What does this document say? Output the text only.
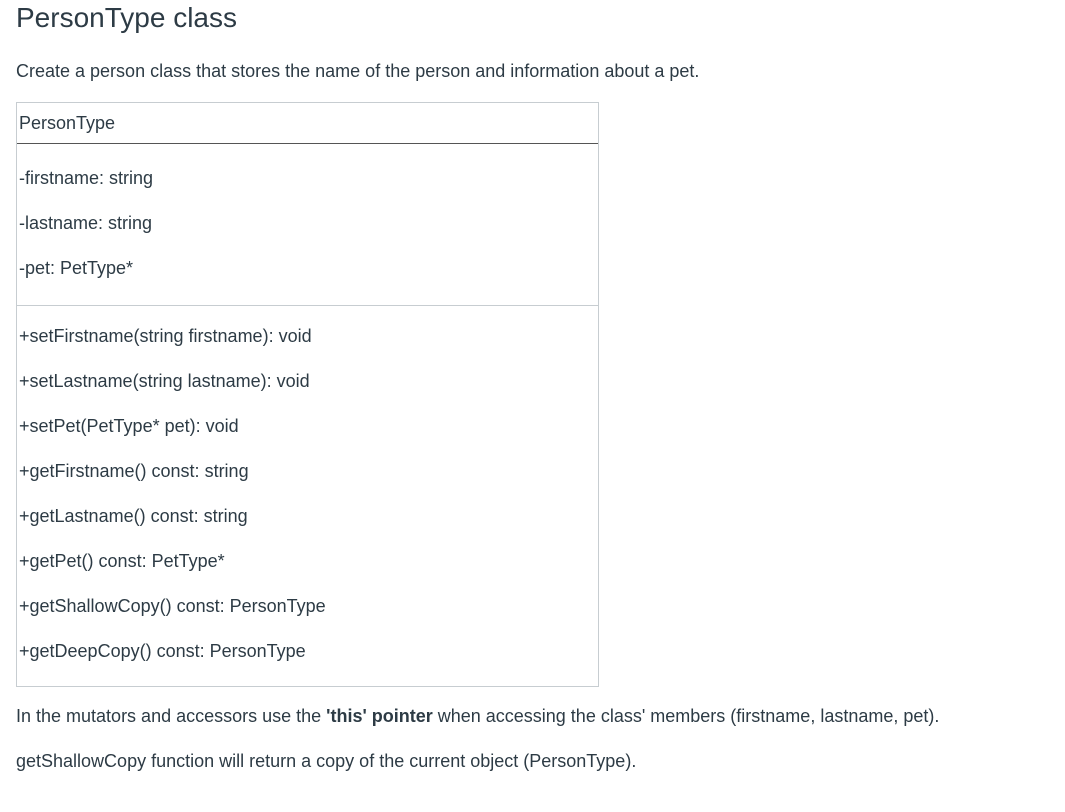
PersonType class

Create a person class that stores the name of the person and information about a pet.

PersonType
-firstname: string
-lastname: string
-pet: PetType*
+setFirstname(string firstname): void
+setLastname(string lastname): void
+setPet(PetType* pet): void
+getFirstname() const: string
+getLastname() const: string
+getPet() const: PetType*
+getShallowCopy() const: PersonType
+getDeepCopy() const: PersonType

In the mutators and accessors use the 'this' pointer when accessing the class' members (firstname, lastname, pet).

getShallowCopy function will return a copy of the current object (PersonType).
